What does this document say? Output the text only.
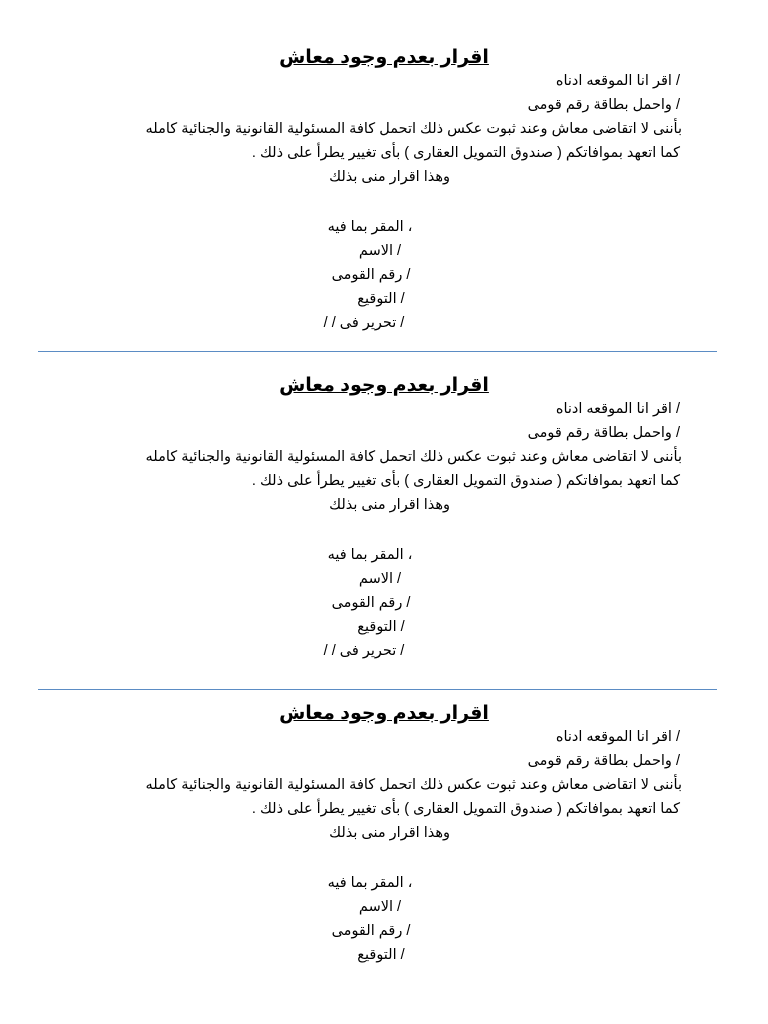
اقرار بعدم وجود معاش
/ اقر انا الموقعه ادناه
/ واحمل بطاقة رقم قومى
بأننى لا اتقاضى معاش وعند ثبوت عكس ذلك اتحمل كافة المسئولية القانونية والجنائية كامله
كما اتعهد بموافاتكم ( صندوق التمويل العقارى ) بأى تغيير يطرأ على ذلك .
وهذا اقرار منى بذلك
، المقر بما فيه
/ الاسم
/ رقم القومى
/ التوقيع
/ تحرير فى / /
اقرار بعدم وجود معاش
/ اقر انا الموقعه ادناه
/ واحمل بطاقة رقم قومى
بأننى لا اتقاضى معاش وعند ثبوت عكس ذلك اتحمل كافة المسئولية القانونية والجنائية كامله
كما اتعهد بموافاتكم ( صندوق التمويل العقارى ) بأى تغيير يطرأ على ذلك .
وهذا اقرار منى بذلك
، المقر بما فيه
/ الاسم
/ رقم القومى
/ التوقيع
/ تحرير فى / /
اقرار بعدم وجود معاش
/ اقر انا الموقعه ادناه
/ واحمل بطاقة رقم قومى
بأننى لا اتقاضى معاش وعند ثبوت عكس ذلك اتحمل كافة المسئولية القانونية والجنائية كامله
كما اتعهد بموافاتكم ( صندوق التمويل العقارى ) بأى تغيير يطرأ على ذلك .
وهذا اقرار منى بذلك
، المقر بما فيه
/ الاسم
/ رقم القومى
/ التوقيع
